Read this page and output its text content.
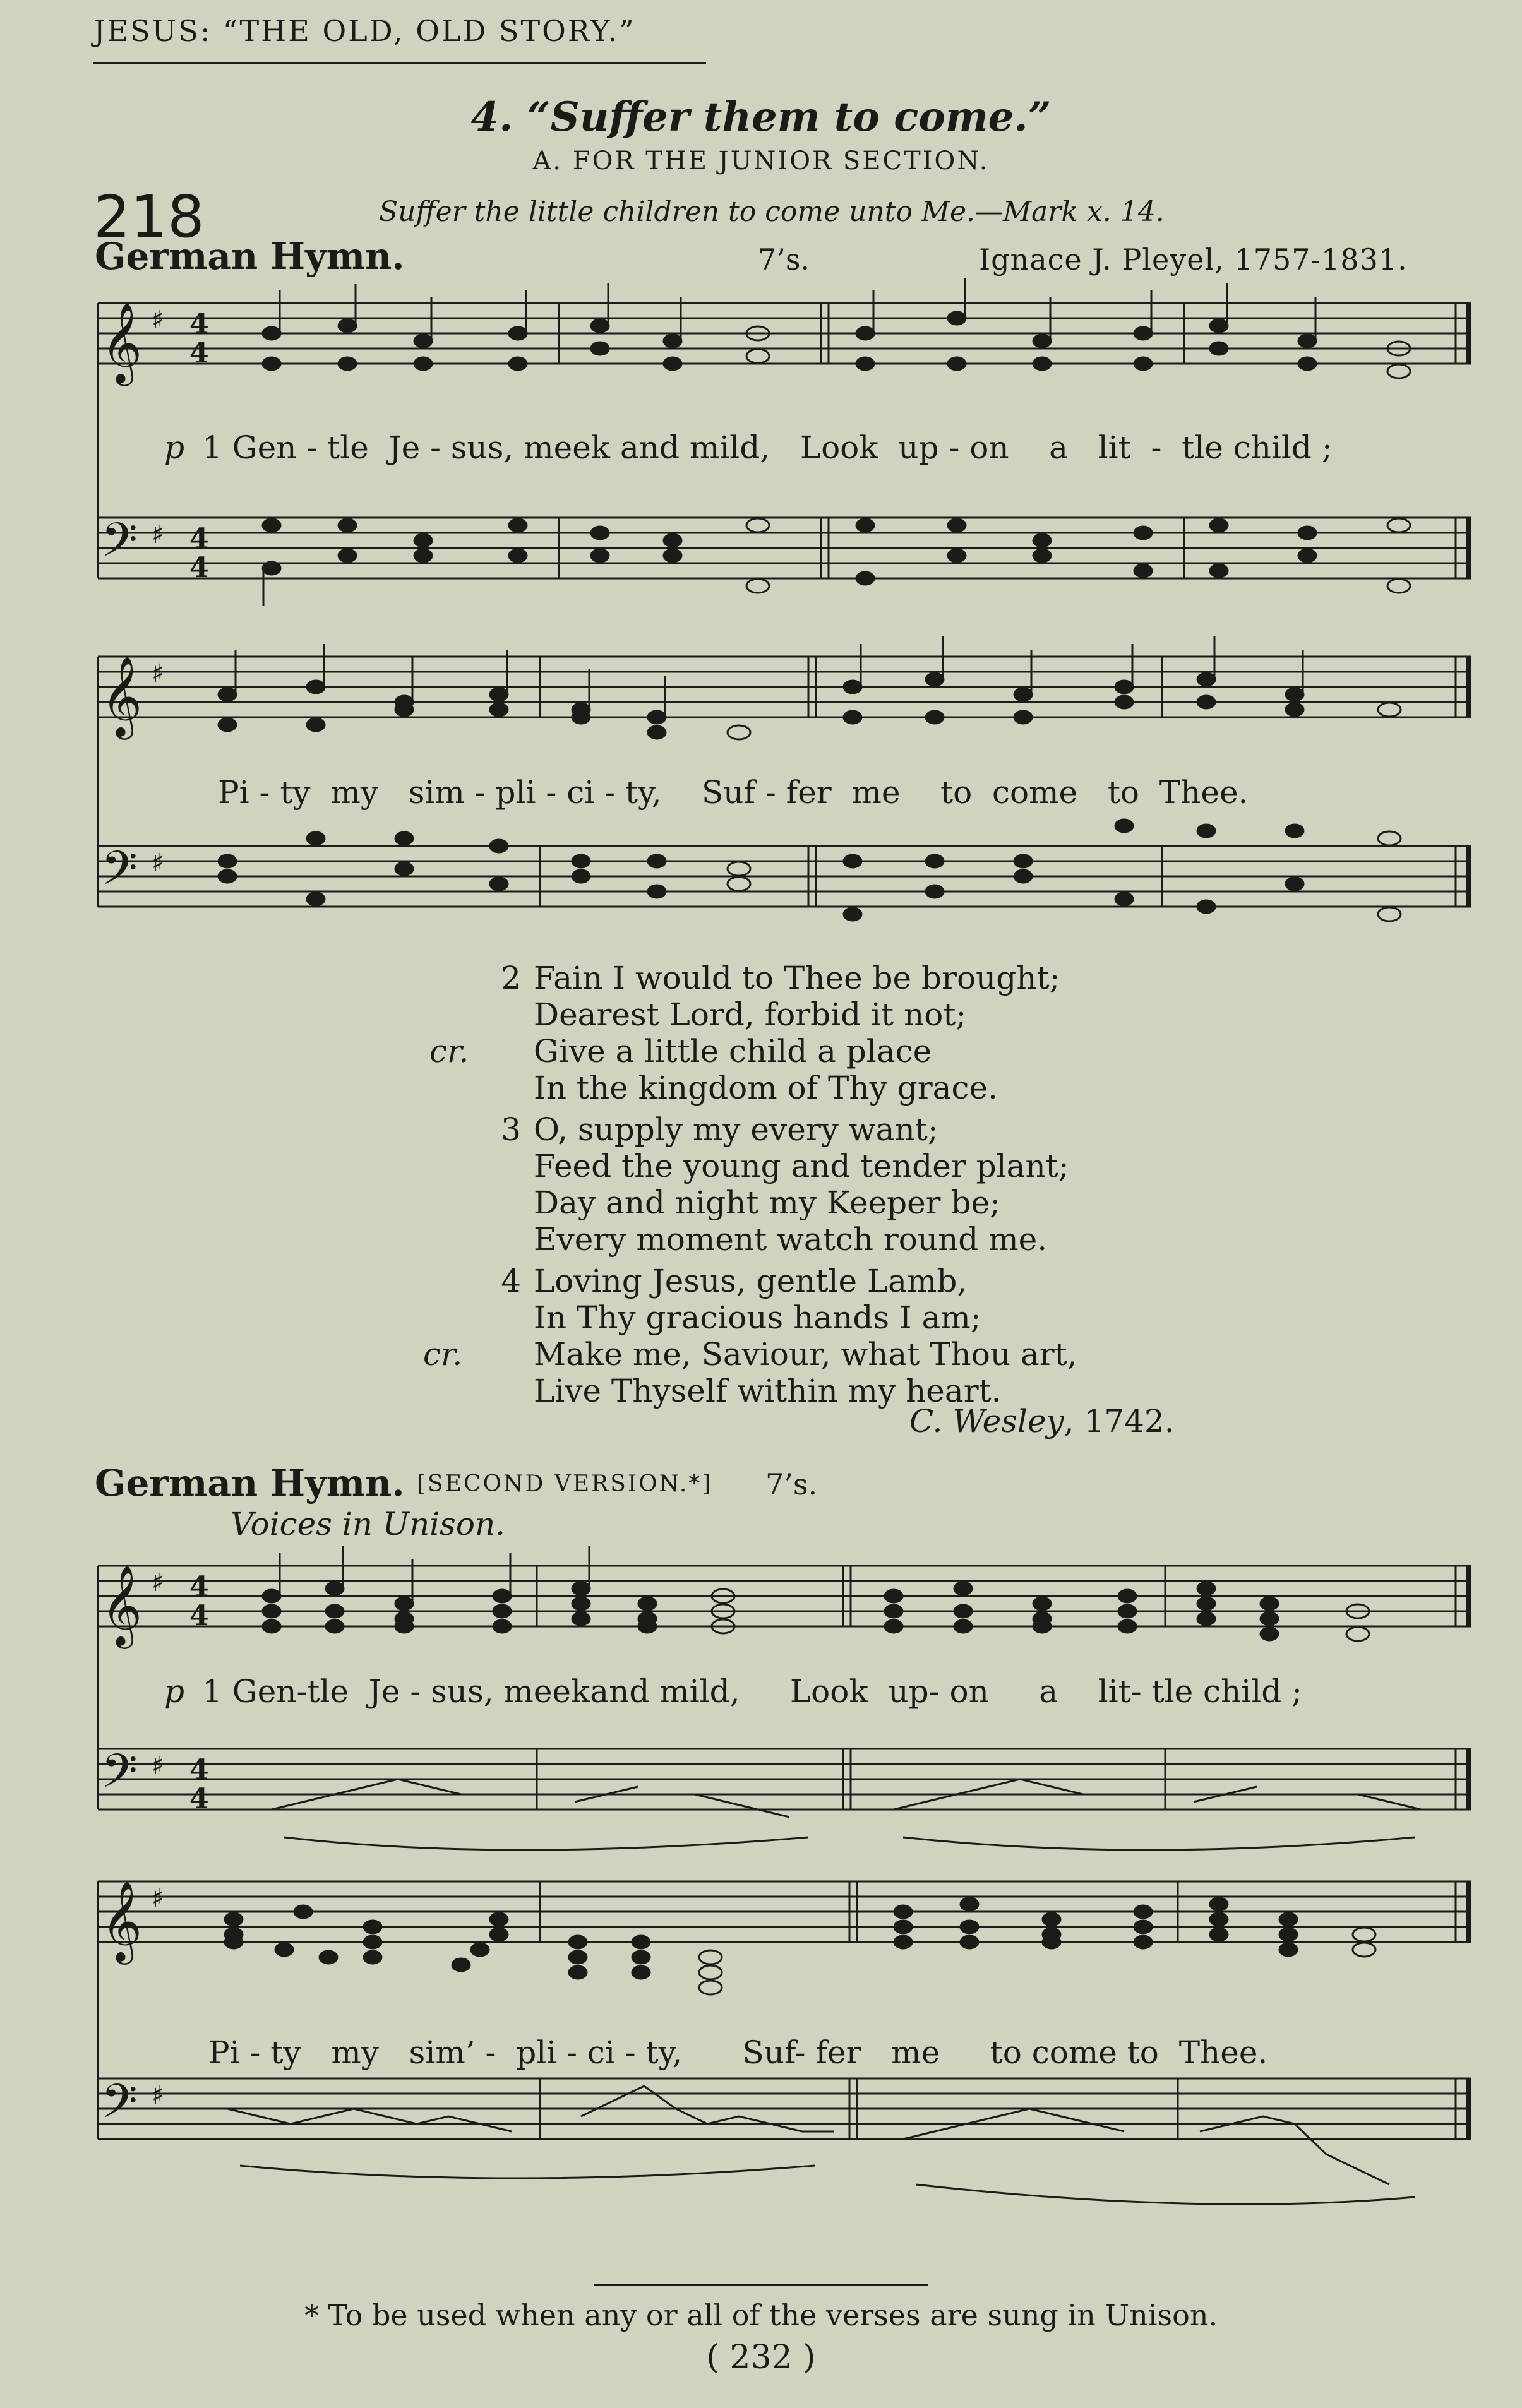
JESUS: “THE OLD, OLD STORY.”
4. “Suffer them to come.”
A. FOR THE JUNIOR SECTION.
218	Suffer the little children to come unto Me.—Mark x. 14.
German Hymn.	7’s.	Ignace J. Pleyel, 1757-1831.
𝄞
𝄢
♯
♯
4
4
4
4
p 1 Gen - tle  Je - sus, meek and mild,   Look  up - on    a   lit  -  tle child ;
𝄞
𝄢
♯
♯
Pi - ty  my   sim - pli - ci - ty,    Suf - fer  me    to  come   to  Thee.
2 Fain I would to Thee be brought;
Dearest Lord, forbid it not;
cr.	Give a little child a place
In the kingdom of Thy grace.
3 O, supply my every want;
Feed the young and tender plant;
Day and night my Keeper be;
Every moment watch round me.
4 Loving Jesus, gentle Lamb,
In Thy gracious hands I am;
cr.	Make me, Saviour, what Thou art,
Live Thyself within my heart.
C. Wesley, 1742.
German Hymn. [SECOND VERSION.*] 7’s.
Voices in Unison.
𝄞
𝄢
♯
♯
4
4
4
4
p 1 Gen-tle  Je - sus, meekand mild,     Look  up- on     a    lit- tle child ;
𝄞
𝄢
♯
♯
Pi - ty   my   sim’ -  pli - ci - ty,      Suf- fer   me     to come to  Thee.
* To be used when any or all of the verses are sung in Unison.
( 232 )
